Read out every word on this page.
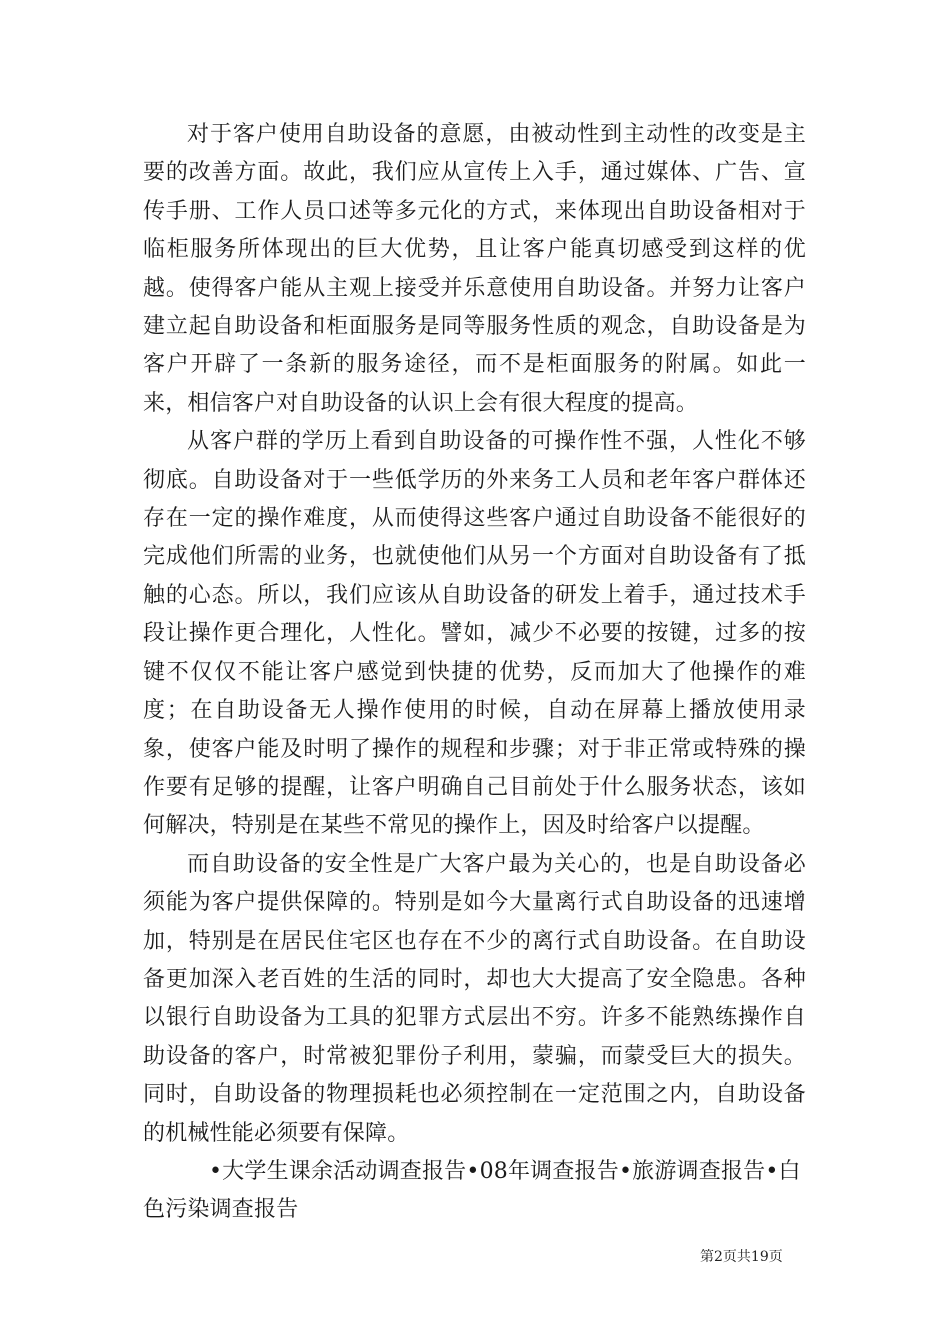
对于客户使用自助设备的意愿，由被动性到主动性的改变是主要的改善方面。故此，我们应从宣传上入手，通过媒体、广告、宣传手册、工作人员口述等多元化的方式，来体现出自助设备相对于临柜服务所体现出的巨大优势，且让客户能真切感受到这样的优越。使得客户能从主观上接受并乐意使用自助设备。并努力让客户建立起自助设备和柜面服务是同等服务性质的观念，自助设备是为客户开辟了一条新的服务途径，而不是柜面服务的附属。如此一来，相信客户对自助设备的认识上会有很大程度的提高。

从客户群的学历上看到自助设备的可操作性不强，人性化不够彻底。自助设备对于一些低学历的外来务工人员和老年客户群体还存在一定的操作难度，从而使得这些客户通过自助设备不能很好的完成他们所需的业务，也就使他们从另一个方面对自助设备有了抵触的心态。所以，我们应该从自助设备的研发上着手，通过技术手段让操作更合理化，人性化。譬如，减少不必要的按键，过多的按键不仅仅不能让客户感觉到快捷的优势，反而加大了他操作的难度；在自助设备无人操作使用的时候，自动在屏幕上播放使用录象，使客户能及时明了操作的规程和步骤；对于非正常或特殊的操作要有足够的提醒，让客户明确自己目前处于什么服务状态，该如何解决，特别是在某些不常见的操作上，因及时给客户以提醒。

而自助设备的安全性是广大客户最为关心的，也是自助设备必须能为客户提供保障的。特别是如今大量离行式自助设备的迅速增加，特别是在居民住宅区也存在不少的离行式自助设备。在自助设备更加深入老百姓的生活的同时，却也大大提高了安全隐患。各种以银行自助设备为工具的犯罪方式层出不穷。许多不能熟练操作自助设备的客户，时常被犯罪份子利用，蒙骗，而蒙受巨大的损失。同时，自助设备的物理损耗也必须控制在一定范围之内，自助设备的机械性能必须要有保障。

•大学生课余活动调查报告•08年调查报告•旅游调查报告•白色污染调查报告

第2页共19页
